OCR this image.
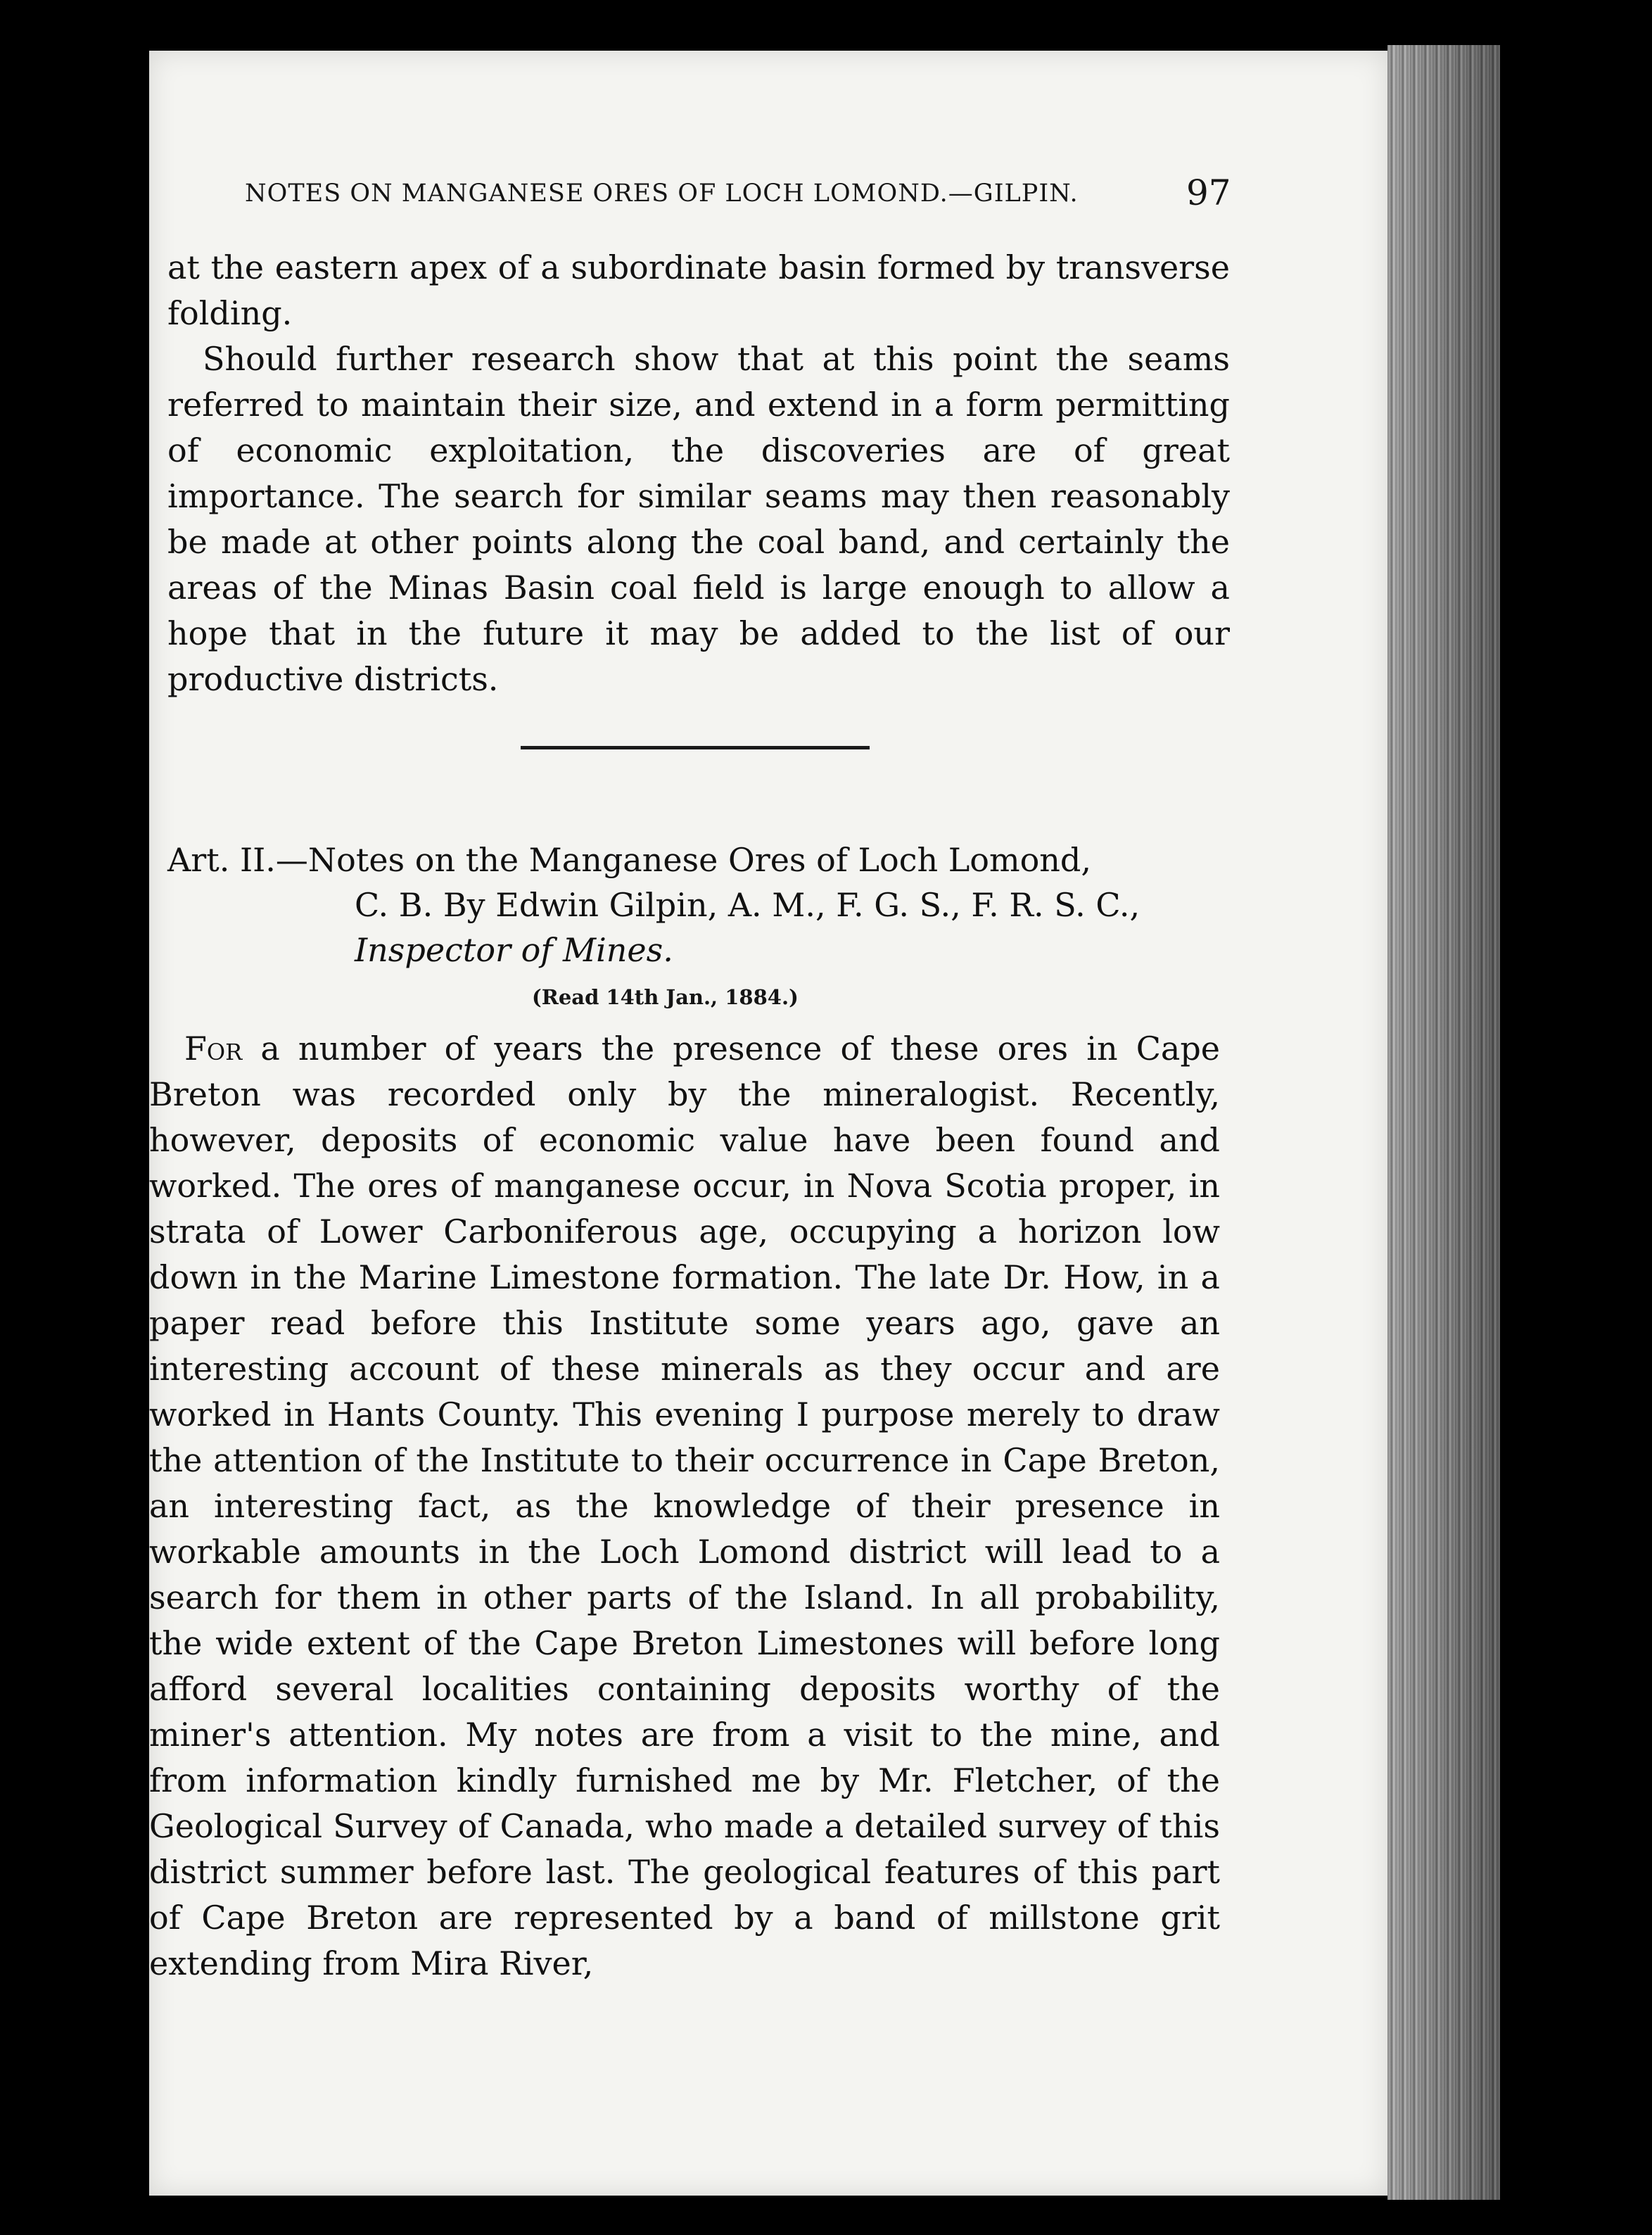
NOTES ON MANGANESE ORES OF LOCH LOMOND.—GILPIN.	97

at the eastern apex of a subordinate basin formed by transverse folding.

Should further research show that at this point the seams referred to maintain their size, and extend in a form permitting of economic exploitation, the discoveries are of great importance. The search for similar seams may then reasonably be made at other points along the coal band, and certainly the areas of the Minas Basin coal field is large enough to allow a hope that in the future it may be added to the list of our productive districts.

Art. II.—Notes on the Manganese Ores of Loch Lomond,
C. B. By Edwin Gilpin, A. M., F. G. S., F. R. S. C.,
Inspector of Mines.
(Read 14th Jan., 1884.)

For a number of years the presence of these ores in Cape Breton was recorded only by the mineralogist. Recently, however, deposits of economic value have been found and worked. The ores of manganese occur, in Nova Scotia proper, in strata of Lower Carboniferous age, occupying a horizon low down in the Marine Limestone formation. The late Dr. How, in a paper read before this Institute some years ago, gave an interesting account of these minerals as they occur and are worked in Hants County. This evening I purpose merely to draw the attention of the Institute to their occurrence in Cape Breton, an interesting fact, as the knowledge of their presence in workable amounts in the Loch Lomond district will lead to a search for them in other parts of the Island. In all probability, the wide extent of the Cape Breton Limestones will before long afford several localities containing deposits worthy of the miner's attention. My notes are from a visit to the mine, and from information kindly furnished me by Mr. Fletcher, of the Geological Survey of Canada, who made a detailed survey of this district summer before last. The geological features of this part of Cape Breton are represented by a band of millstone grit extending from Mira River,
